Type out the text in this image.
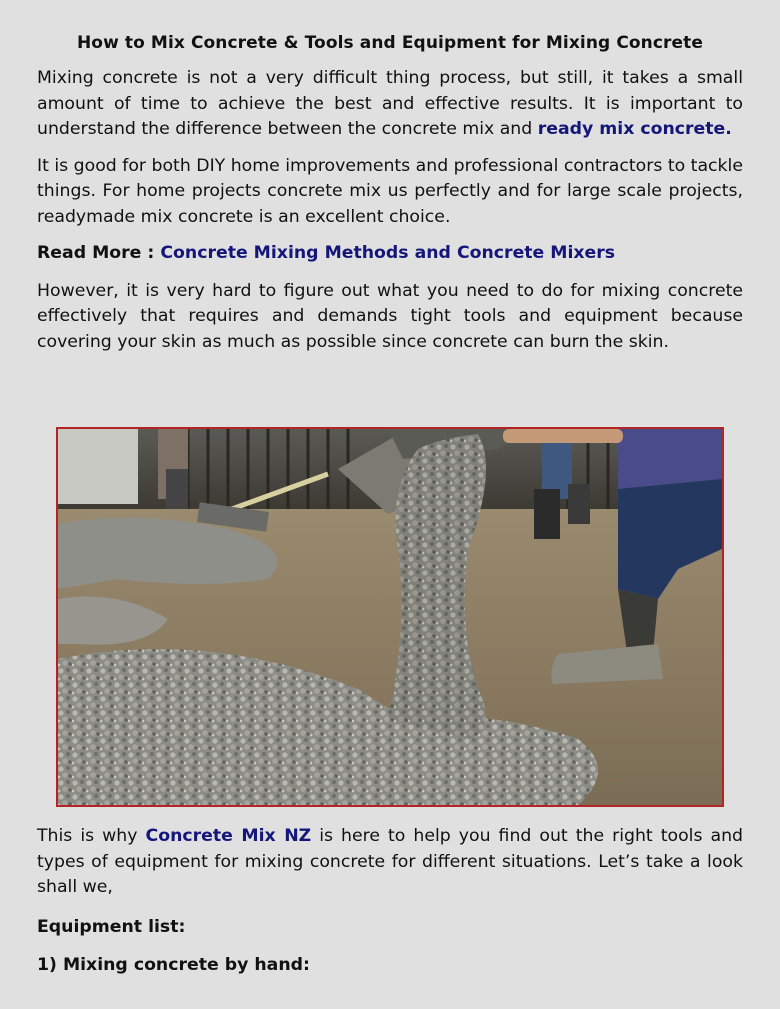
How to Mix Concrete & Tools and Equipment for Mixing Concrete

Mixing concrete is not a very difficult thing process, but still, it takes a small amount of time to achieve the best and effective results. It is important to understand the difference between the concrete mix and ready mix concrete.

It is good for both DIY home improvements and professional contractors to tackle things. For home projects concrete mix us perfectly and for large scale projects, readymade mix concrete is an excellent choice.

Read More : Concrete Mixing Methods and Concrete Mixers

However, it is very hard to figure out what you need to do for mixing concrete effectively that requires and demands tight tools and equipment because covering your skin as much as possible since concrete can burn the skin.

This is why Concrete Mix NZ is here to help you find out the right tools and types of equipment for mixing concrete for different situations. Let’s take a look shall we,

Equipment list:
1) Mixing concrete by hand:
